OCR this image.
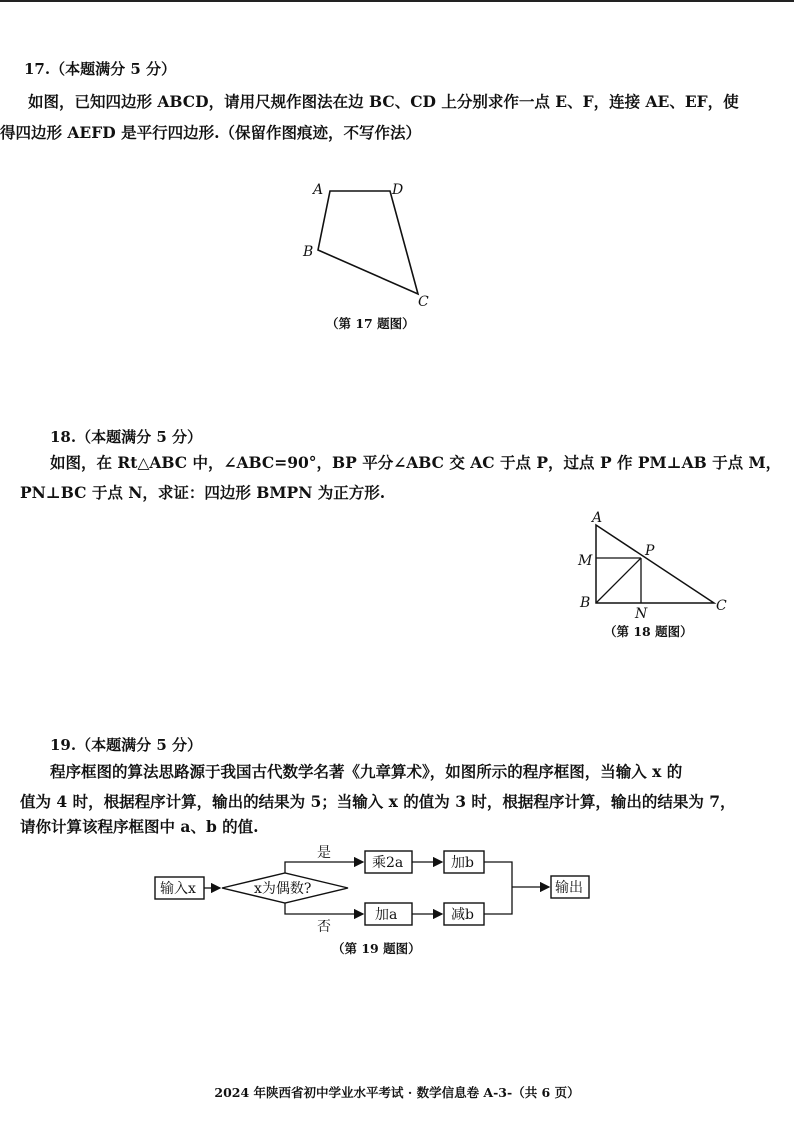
17.（本题满分 5 分）
如图，已知四边形 ABCD，请用尺规作图法在边 BC、CD 上分别求作一点 E、F，连接 AE、EF，使
得四边形 AEFD 是平行四边形.（保留作图痕迹，不写作法）
A	D
B
C
（第 17 题图）
18.（本题满分 5 分）
如图，在 Rt△ABC 中，∠ABC=90°，BP 平分∠ABC 交 AC 于点 P，过点 P 作 PM⊥AB 于点 M，
PN⊥BC 于点 N，求证：四边形 BMPN 为正方形.
A
M
P
B
N	C
（第 18 题图）
19.（本题满分 5 分）
程序框图的算法思路源于我国古代数学名著《九章算术》，如图所示的程序框图，当输入 x 的
值为 4 时，根据程序计算，输出的结果为 5；当输入 x 的值为 3 时，根据程序计算，输出的结果为 7，
请你计算该程序框图中 a、b 的值.
输入x	x为偶数?
乘2a	加b
加a	减b
输出
是
否
（第 19 题图）
2024 年陕西省初中学业水平考试 · 数学信息卷 A-3-（共 6 页）
